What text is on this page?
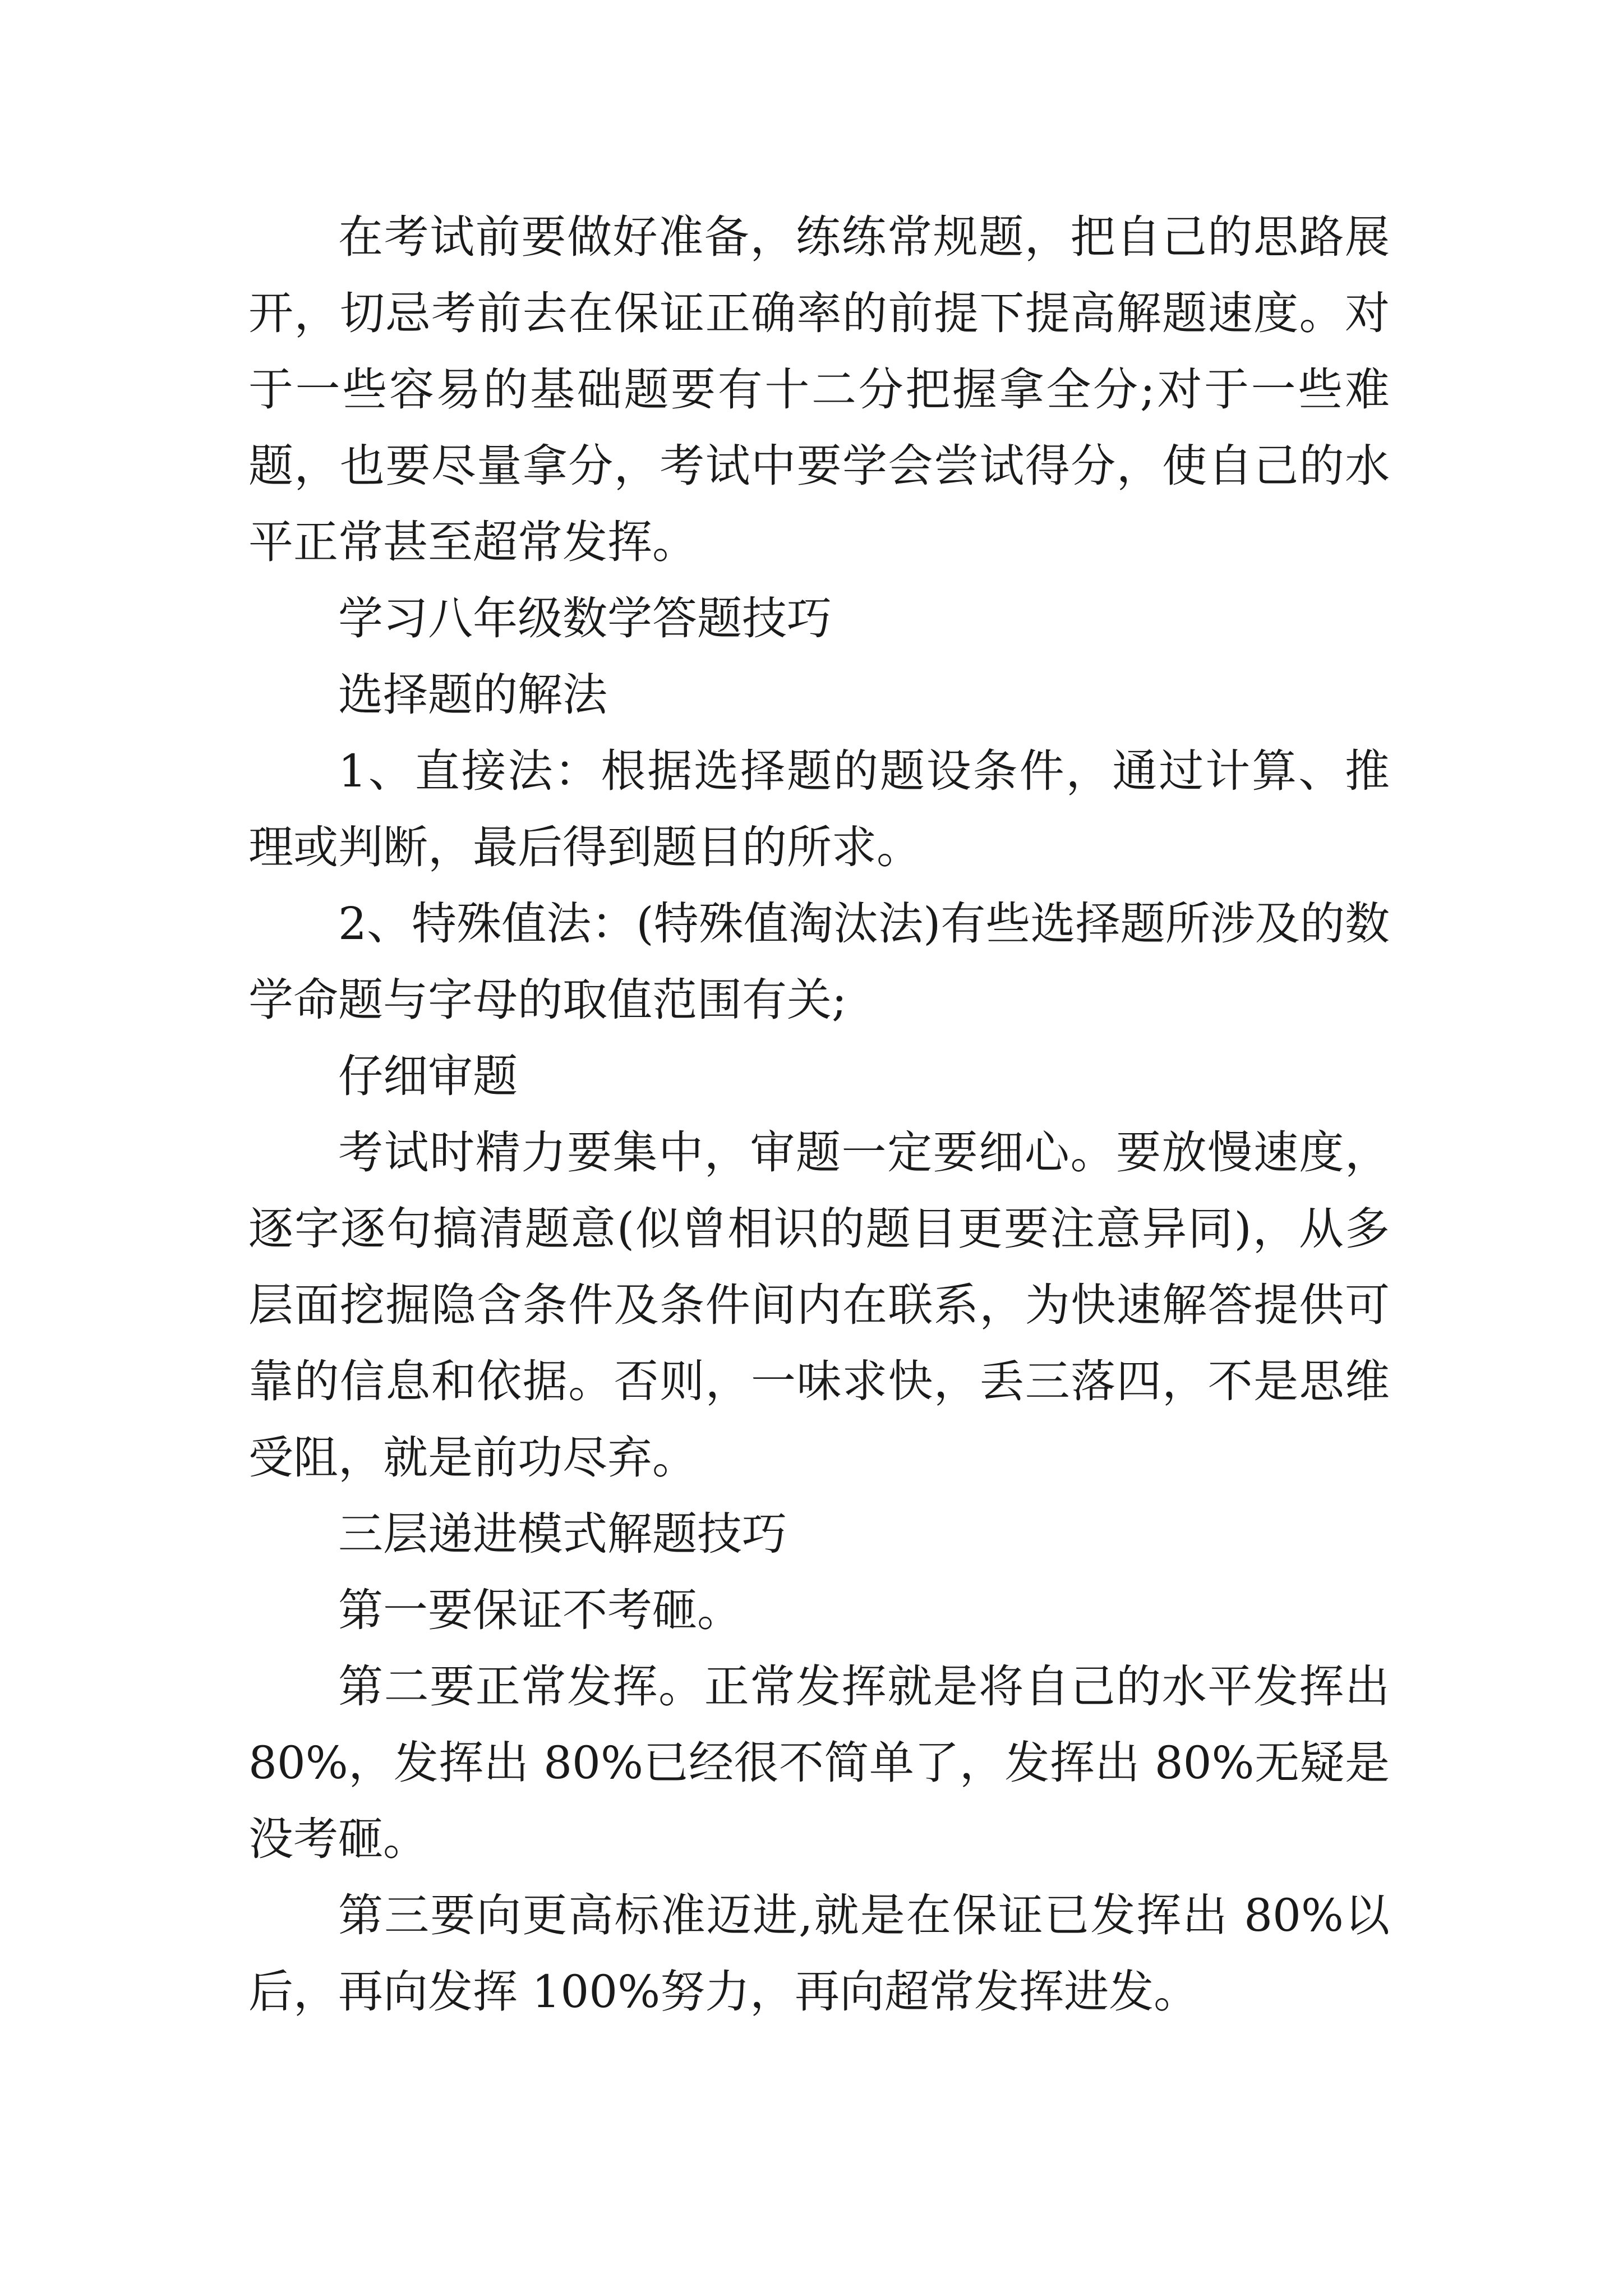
在考试前要做好准备，练练常规题，把自己的思路展开，切忌考前去在保证正确率的前提下提高解题速度。对于一些容易的基础题要有十二分把握拿全分;对于一些难题，也要尽量拿分，考试中要学会尝试得分，使自己的水平正常甚至超常发挥。

学习八年级数学答题技巧

选择题的解法

1、直接法：根据选择题的题设条件，通过计算、推理或判断，最后得到题目的所求。

2、特殊值法：(特殊值淘汰法)有些选择题所涉及的数学命题与字母的取值范围有关;

仔细审题

考试时精力要集中，审题一定要细心。要放慢速度，逐字逐句搞清题意(似曾相识的题目更要注意异同)，从多层面挖掘隐含条件及条件间内在联系，为快速解答提供可靠的信息和依据。否则，一味求快，丢三落四，不是思维受阻，就是前功尽弃。

三层递进模式解题技巧

第一要保证不考砸。

第二要正常发挥。正常发挥就是将自己的水平发挥出80%，发挥出 80%已经很不简单了，发挥出 80%无疑是没考砸。

第三要向更高标准迈进,就是在保证已发挥出 80%以后，再向发挥 100%努力，再向超常发挥进发。
